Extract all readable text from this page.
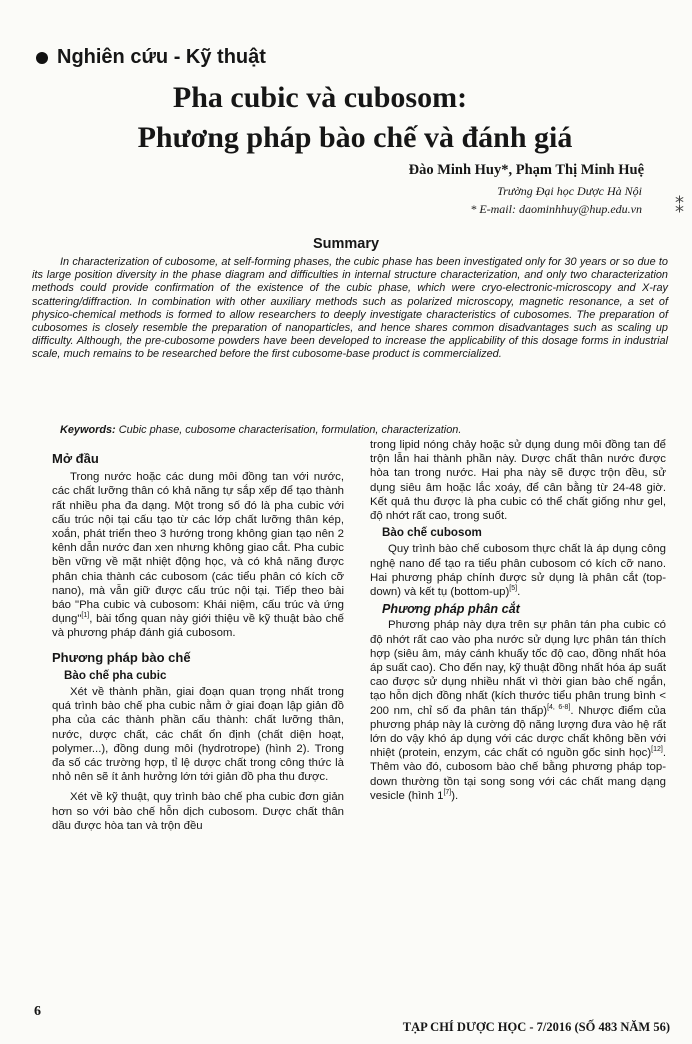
Nghiên cứu - Kỹ thuật
Pha cubic và cubosom:
Phương pháp bào chế và đánh giá
Đào Minh Huy*, Phạm Thị Minh Huệ
Trường Đại học Dược Hà Nội
* E-mail: daominhhuy@hup.edu.vn ⁑
Summary

In characterization of cubosome, at self-forming phases, the cubic phase has been investigated only for 30 years or so due to its large position diversity in the phase diagram and difficulties in internal structure characterization, and only two characterization methods could provide confirmation of the existence of the cubic phase, which were cryo-electronic-microscopy and X-ray scattering/diffraction. In combination with other auxiliary methods such as polarized microscopy, magnetic resonance, a set of physico-chemical methods is formed to allow researchers to deeply investigate characteristics of cubosomes. The preparation of cubosomes is closely resemble the preparation of nanoparticles, and hence shares common disadvantages such as scaling up difficulty. Although, the pre-cubosome powders have been developed to increase the applicability of this dosage forms in industrial scale, much remains to be researched before the first cubosome-base product is commercialized.

Keywords: Cubic phase, cubosome characterisation, formulation, characterization.

Mở đầu

Trong nước hoặc các dung môi đồng tan với nước, các chất lưỡng thân có khả năng tự sắp xếp để tạo thành rất nhiều pha đa dạng. Một trong số đó là pha cubic với cấu trúc nội tại cấu tạo từ các lớp chất lưỡng thân kép, xoắn, phát triển theo 3 hướng trong không gian tạo nên 2 kênh dẫn nước đan xen nhưng không giao cắt. Pha cubic bền vững về mặt nhiệt động học, và có khả năng được phân chia thành các cubosom (các tiểu phân có kích cỡ nano), mà vẫn giữ được cấu trúc nội tại. Tiếp theo bài báo "Pha cubic và cubosom: Khái niệm, cấu trúc và ứng dụng"[1], bài tổng quan này giới thiệu về kỹ thuật bào chế và phương pháp đánh giá cubosom.

Phương pháp bào chế
Bào chế pha cubic

Xét về thành phần, giai đoạn quan trọng nhất trong quá trình bào chế pha cubic nằm ở giai đoạn lập giản đồ pha của các thành phần cấu thành: chất lưỡng thân, nước, dược chất, các chất ổn định (chất diện hoạt, polymer...), đồng dung môi (hydrotrope) (hình 2). Trong đa số các trường hợp, tỉ lệ dược chất trong công thức là nhỏ nên sẽ ít ảnh hưởng lớn tới giản đồ pha thu được.

Xét về kỹ thuật, quy trình bào chế pha cubic đơn giản hơn so với bào chế hỗn dịch cubosom. Dược chất thân dầu được hòa tan và trộn đều

trong lipid nóng chảy hoặc sử dụng dung môi đồng tan để trộn lẫn hai thành phần này. Dược chất thân nước được hòa tan trong nước. Hai pha này sẽ được trộn đều, sử dụng siêu âm hoặc lắc xoáy, để cân bằng từ 24-48 giờ. Kết quả thu được là pha cubic có thể chất giống như gel, độ nhớt rất cao, trong suốt.

Bào chế cubosom

Quy trình bào chế cubosom thực chất là áp dụng công nghệ nano để tạo ra tiểu phân cubosom có kích cỡ nano. Hai phương pháp chính được sử dụng là phân cắt (top-down) và kết tụ (bottom-up)[5].

Phương pháp phân cắt

Phương pháp này dựa trên sự phân tán pha cubic có độ nhớt rất cao vào pha nước sử dụng lực phân tán thích hợp (siêu âm, máy cánh khuấy tốc độ cao, đồng nhất hóa áp suất cao). Cho đến nay, kỹ thuật đồng nhất hóa áp suất cao được sử dụng nhiều nhất vì thời gian bào chế ngắn, tạo hỗn dịch đồng nhất (kích thước tiểu phân trung bình < 200 nm, chỉ số đa phân tán thấp)[4, 6-8]. Nhược điểm của phương pháp này là cường độ năng lượng đưa vào hệ rất lớn do vậy khó áp dụng với các dược chất không bền với nhiệt (protein, enzym, các chất có nguồn gốc sinh học)[12]. Thêm vào đó, cubosom bào chế bằng phương pháp top-down thường tồn tại song song với các chất mang dạng vesicle (hình 1[7]).

6
TẠP CHÍ DƯỢC HỌC - 7/2016 (SỐ 483 NĂM 56)
